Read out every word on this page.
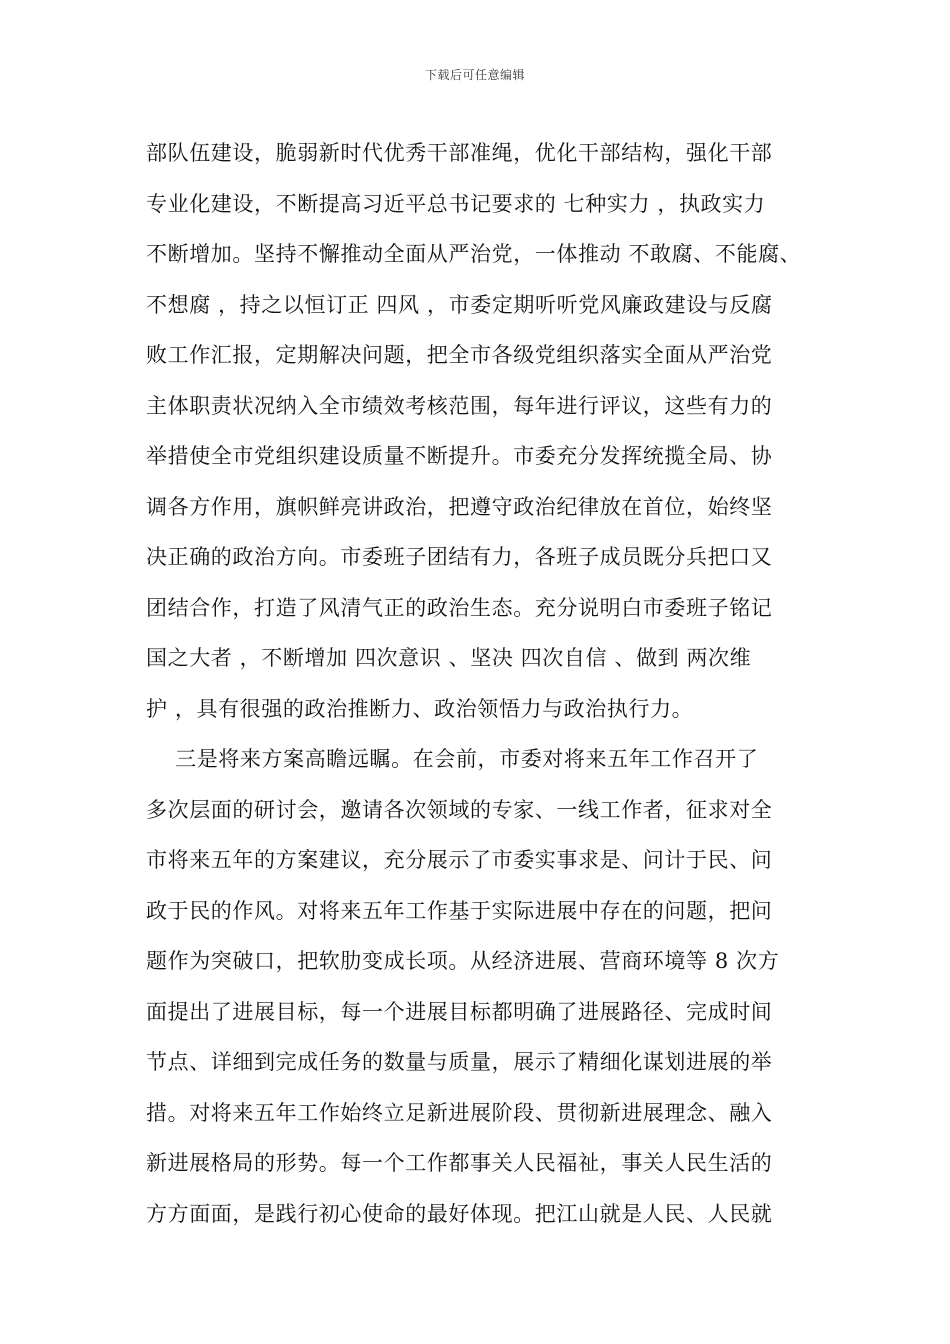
下载后可任意编辑
部队伍建设，脆弱新时代优秀干部准绳，优化干部结构，强化干部
专业化建设，不断提高习近平总书记要求的 七种实力 ，执政实力
不断增加。坚持不懈推动全面从严治党，一体推动 不敢腐、不能腐、
不想腐 ，持之以恒订正 四风 ，市委定期听听党风廉政建设与反腐
败工作汇报，定期解决问题，把全市各级党组织落实全面从严治党
主体职责状况纳入全市绩效考核范围，每年进行评议，这些有力的
举措使全市党组织建设质量不断提升。市委充分发挥统揽全局、协
调各方作用，旗帜鲜亮讲政治，把遵守政治纪律放在首位，始终坚
决正确的政治方向。市委班子团结有力，各班子成员既分兵把口又
团结合作，打造了风清气正的政治生态。充分说明白市委班子铭记
国之大者 ，不断增加 四次意识 、坚决 四次自信 、做到 两次维
护 ，具有很强的政治推断力、政治领悟力与政治执行力。
三是将来方案高瞻远瞩。在会前，市委对将来五年工作召开了
多次层面的研讨会，邀请各次领域的专家、一线工作者，征求对全
市将来五年的方案建议，充分展示了市委实事求是、问计于民、问
政于民的作风。对将来五年工作基于实际进展中存在的问题，把问
题作为突破口，把软肋变成长项。从经济进展、营商环境等 8 次方
面提出了进展目标，每一个进展目标都明确了进展路径、完成时间
节点、详细到完成任务的数量与质量，展示了精细化谋划进展的举
措。对将来五年工作始终立足新进展阶段、贯彻新进展理念、融入
新进展格局的形势。每一个工作都事关人民福祉，事关人民生活的
方方面面，是践行初心使命的最好体现。把江山就是人民、人民就
